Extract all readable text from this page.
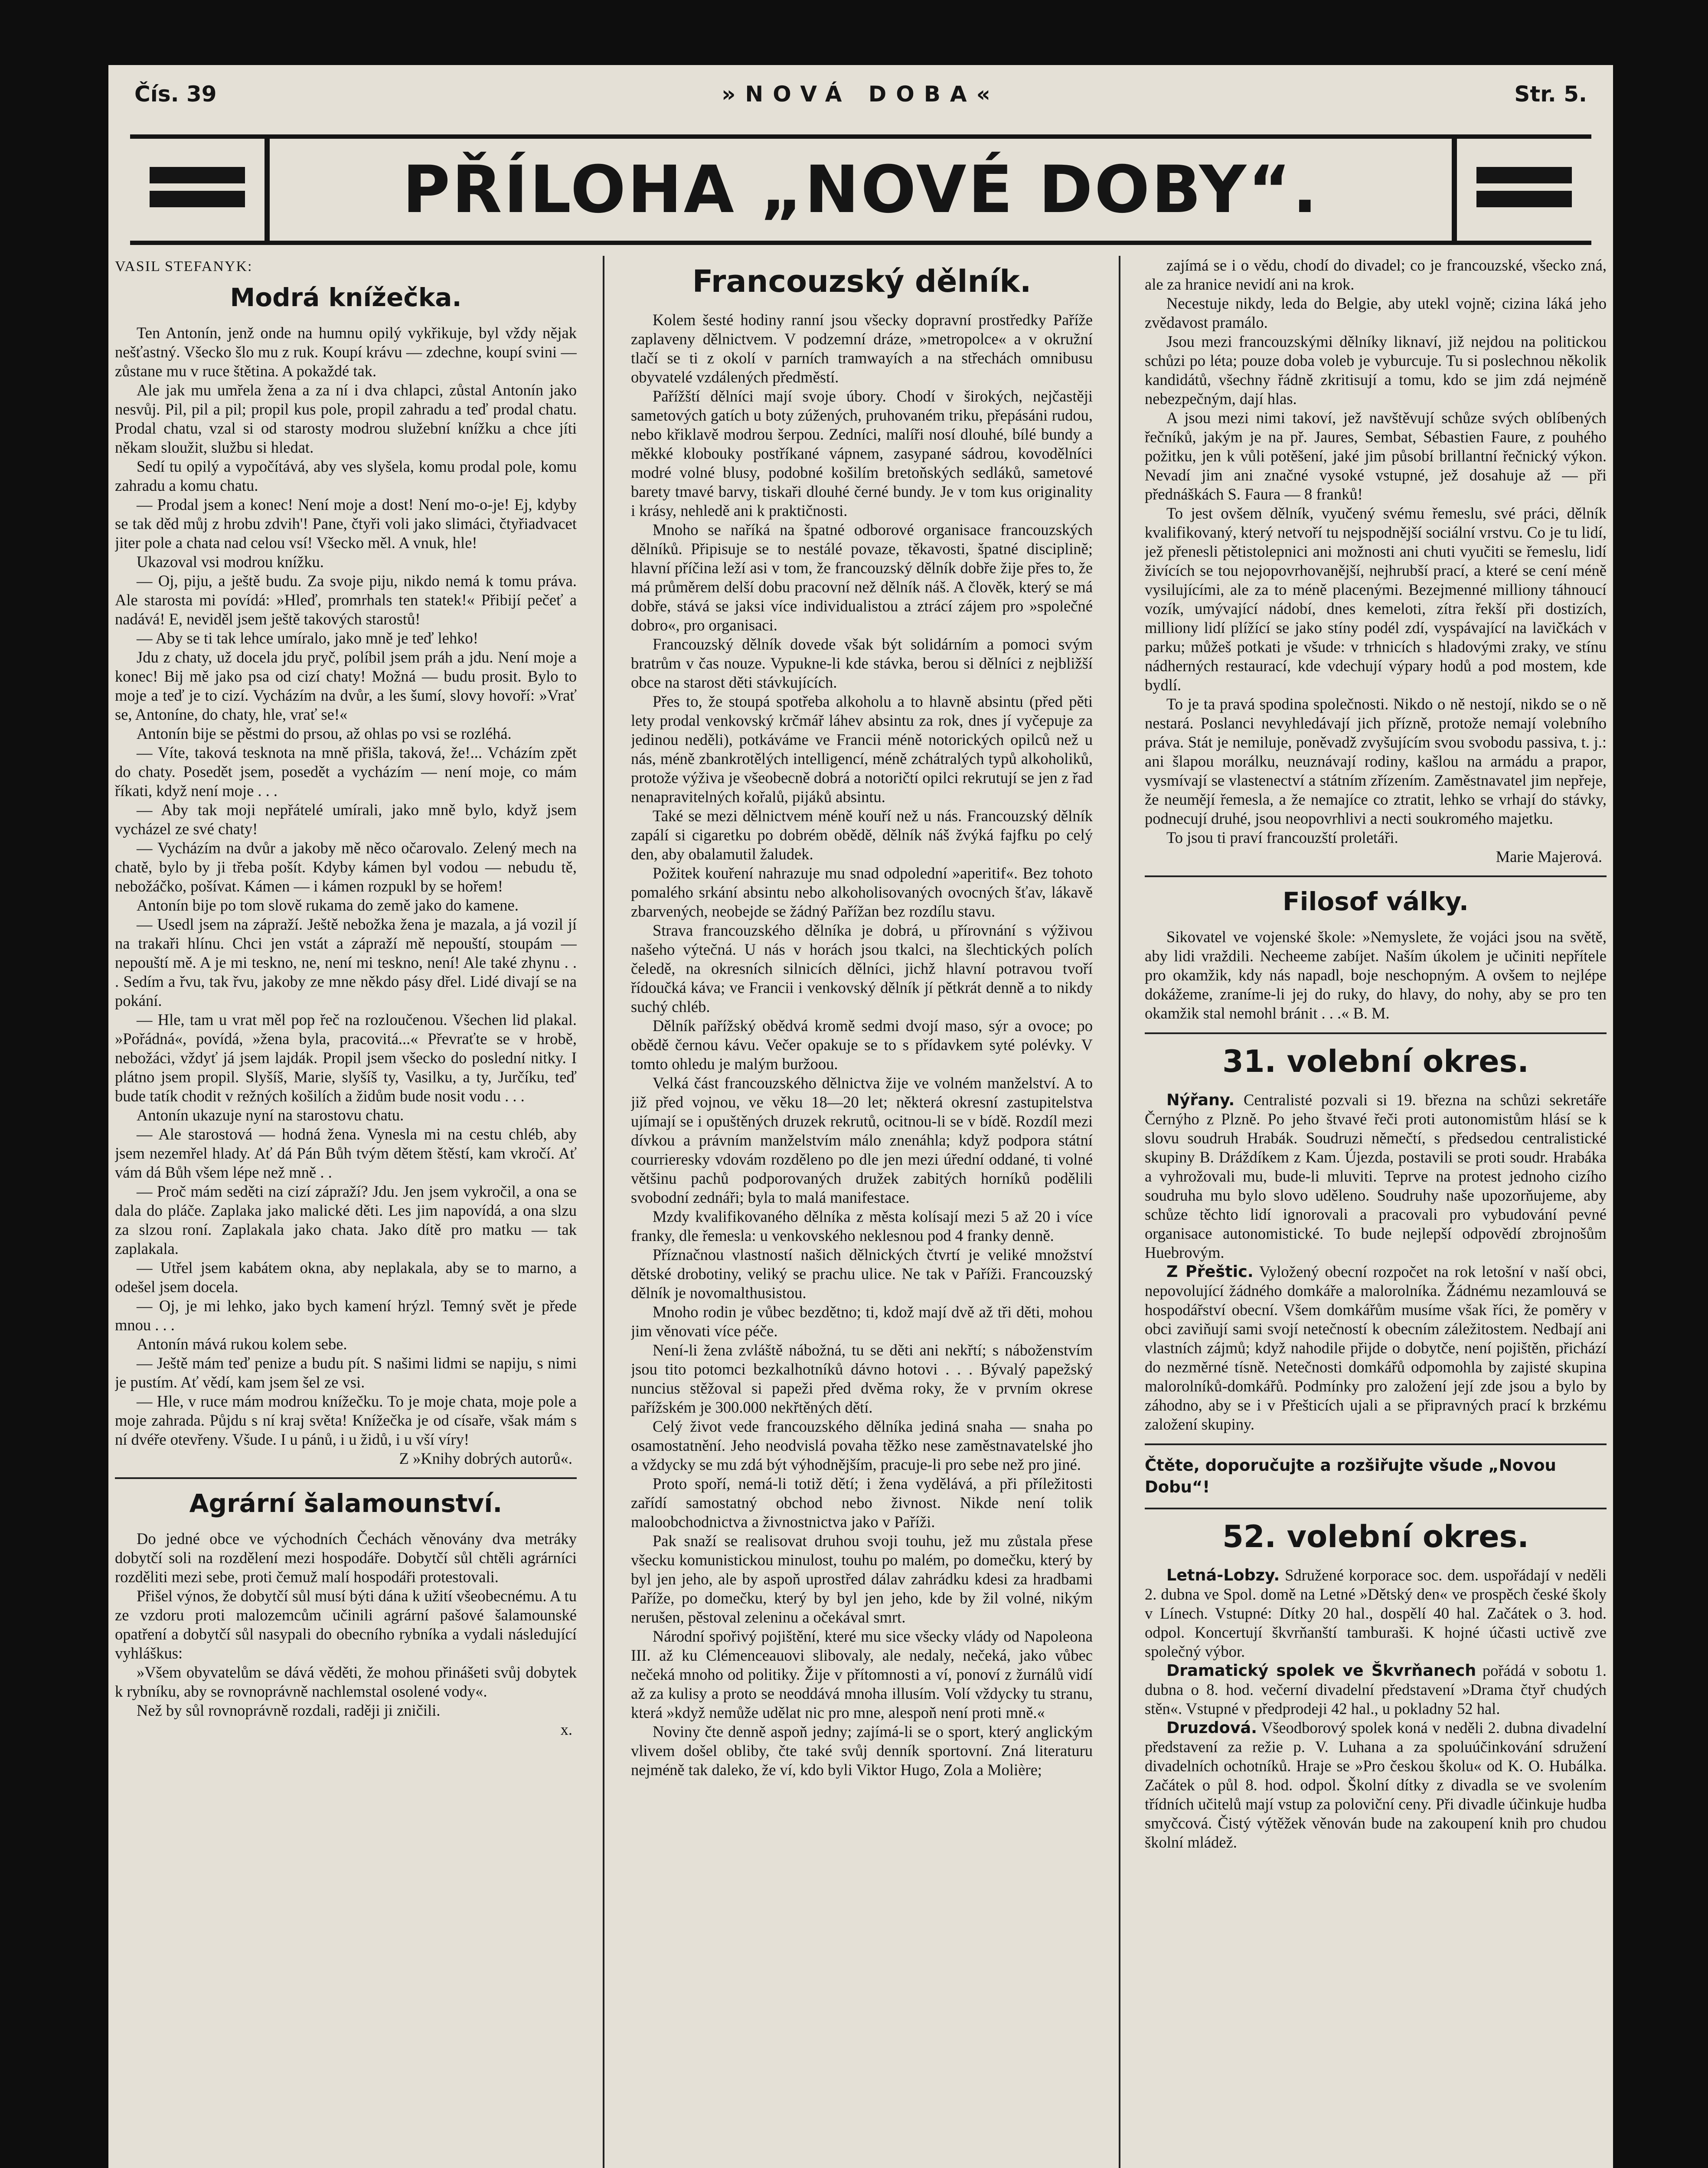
Čís. 39	»NOVÁ DOBA«	Str. 5.
PŘÍLOHA „NOVÉ DOBY“.
VASIL STEFANYK:
Modrá knížečka.

Ten Antonín, jenž onde na humnu opilý vykřikuje, byl vždy nějak nešťastný. Všecko šlo mu z ruk. Koupí krávu — zdechne, koupí svini — zůstane mu v ruce štětina. A pokaždé tak.

Ale jak mu umřela žena a za ní i dva chlapci, zůstal Antonín jako nesvůj. Pil, pil a pil; propil kus pole, propil zahradu a teď prodal chatu. Prodal chatu, vzal si od starosty modrou služební knížku a chce jíti někam sloužit, službu si hledat.

Sedí tu opilý a vypočítává, aby ves slyšela, komu prodal pole, komu zahradu a komu chatu.

— Prodal jsem a konec! Není moje a dost! Není mo-o-je! Ej, kdyby se tak děd můj z hrobu zdvih'! Pane, čtyři voli jako slimáci, čtyřiadvacet jiter pole a chata nad celou vsí! Všecko měl. A vnuk, hle!

Ukazoval vsi modrou knížku.

— Oj, piju, a ještě budu. Za svoje piju, nikdo nemá k tomu práva. Ale starosta mi povídá: »Hleď, promrhals ten statek!« Přibijí pečeť a nadává! E, neviděl jsem ještě takových starostů!

— Aby se ti tak lehce umíralo, jako mně je teď lehko!

Jdu z chaty, už docela jdu pryč, políbil jsem práh a jdu. Není moje a konec! Bij mě jako psa od cizí chaty! Možná — budu prosit. Bylo to moje a teď je to cizí. Vycházím na dvůr, a les šumí, slovy hovoří: »Vrať se, Antoníne, do chaty, hle, vrať se!«

Antonín bije se pěstmi do prsou, až ohlas po vsi se rozléhá.

— Víte, taková tesknota na mně přišla, taková, že!... Vcházím zpět do chaty. Posedět jsem, posedět a vycházím — není moje, co mám říkati, když není moje . . .

— Aby tak moji nepřátelé umírali, jako mně bylo, když jsem vycházel ze své chaty!

— Vycházím na dvůr a jakoby mě něco očarovalo. Zelený mech na chatě, bylo by ji třeba pošít. Kdyby kámen byl vodou — nebudu tě, nebožáčko, pošívat. Kámen — i kámen rozpukl by se hořem!

Antonín bije po tom slově rukama do země jako do kamene.

— Usedl jsem na zápraží. Ještě nebožka žena je mazala, a já vozil jí na trakaři hlínu. Chci jen vstát a zápraží mě nepouští, stoupám — nepouští mě. A je mi teskno, ne, není mi teskno, není! Ale také zhynu . . . Sedím a řvu, tak řvu, jakoby ze mne někdo pásy dřel. Lidé divají se na pokání.

— Hle, tam u vrat měl pop řeč na rozloučenou. Všechen lid plakal. »Pořádná«, povídá, »žena byla, pracovitá...« Převraťte se v hrobě, nebožáci, vždyť já jsem lajdák. Propil jsem všecko do poslední nitky. I plátno jsem propil. Slyšíš, Marie, slyšíš ty, Vasilku, a ty, Jurčíku, teď bude tatík chodit v režných košilích a židům bude nosit vodu . . .

Antonín ukazuje nyní na starostovu chatu.

— Ale starostová — hodná žena. Vynesla mi na cestu chléb, aby jsem nezemřel hlady. Ať dá Pán Bůh tvým dětem štěstí, kam vkročí. Ať vám dá Bůh všem lépe než mně . .

— Proč mám seděti na cizí zápraží? Jdu. Jen jsem vykročil, a ona se dala do pláče. Zaplaka jako malické děti. Les jim napovídá, a ona slzu za slzou roní. Zaplakala jako chata. Jako dítě pro matku — tak zaplakala.

— Utřel jsem kabátem okna, aby neplakala, aby se to marno, a odešel jsem docela.

— Oj, je mi lehko, jako bych kamení hrýzl. Temný svět je přede mnou . . .

Antonín mává rukou kolem sebe.

— Ještě mám teď penize a budu pít. S našimi lidmi se napiju, s nimi je pustím. Ať vědí, kam jsem šel ze vsi.

— Hle, v ruce mám modrou knížečku. To je moje chata, moje pole a moje zahrada. Půjdu s ní kraj světa! Knížečka je od císaře, však mám s ní dvéře otevřeny. Všude. I u pánů, i u židů, i u vší víry!

Z »Knihy dobrých autorů«.
Agrární šalamounství.

Do jedné obce ve východních Čechách věnovány dva metráky dobytčí soli na rozdělení mezi hospodáře. Dobytčí sůl chtěli agrárníci rozděliti mezi sebe, proti čemuž malí hospodáři protestovali.

Přišel výnos, že dobytčí sůl musí býti dána k užití všeobecnému. A tu ze vzdoru proti malozemcům učinili agrární pašové šalamounské opatření a dobytčí sůl nasypali do obecního rybníka a vydali následující vyhláškus:

»Všem obyvatelům se dává věděti, že mohou přinášeti svůj dobytek k rybníku, aby se rovnoprávně nachlemstal osolené vody«.

Než by sůl rovnoprávně rozdali, raději ji zničili.

x.
Francouzský dělník.

Kolem šesté hodiny ranní jsou všecky dopravní prostředky Paříže zaplaveny dělnictvem. V podzemní dráze, »metropolce« a v okružní tlačí se ti z okolí v parních tramwayích a na střechách omnibusu obyvatelé vzdálených předměstí.

Pařížští dělníci mají svoje úbory. Chodí v širokých, nejčastěji sametových gatích u boty zúžených, pruhovaném triku, přepásáni rudou, nebo křiklavě modrou šerpou. Zedníci, malíři nosí dlouhé, bílé bundy a měkké klobouky postříkané vápnem, zasypané sádrou, kovodělníci modré volné blusy, podobné košilím bretoňských sedláků, sametové barety tmavé barvy, tiskaři dlouhé černé bundy. Je v tom kus originality i krásy, nehledě ani k praktičnosti.

Mnoho se naříká na špatné odborové organisace francouzských dělníků. Připisuje se to nestálé povaze, těkavosti, špatné disciplině; hlavní příčina leží asi v tom, že francouzský dělník dobře žije přes to, že má průměrem delší dobu pracovní než dělník náš. A člověk, který se má dobře, stává se jaksi více individualistou a ztrácí zájem pro »společné dobro«, pro organisaci.

Francouzský dělník dovede však být solidárním a pomoci svým bratrům v čas nouze. Vypukne-li kde stávka, berou si dělníci z nejbližší obce na starost děti stávkujících.

Přes to, že stoupá spotřeba alkoholu a to hlavně absintu (před pěti lety prodal venkovský krčmář láhev absintu za rok, dnes jí vyčepuje za jedinou neděli), potkáváme ve Francii méně notorických opilců než u nás, méně zbankrotělých intelligencí, méně zchátralých typů alkoholiků, protože výživa je všeobecně dobrá a notoričtí opilci rekrutují se jen z řad nenapravitelných kořalů, pijáků absintu.

Také se mezi dělnictvem méně kouří než u nás. Francouzský dělník zapálí si cigaretku po dobrém obědě, dělník náš žvýká fajfku po celý den, aby obalamutil žaludek.

Požitek kouření nahrazuje mu snad odpolední »aperitif«. Bez tohoto pomalého srkání absintu nebo alkoholisovaných ovocných šťav, lákavě zbarvených, neobejde se žádný Pařížan bez rozdílu stavu.

Strava francouzského dělníka je dobrá, u přírovnání s výživou našeho výtečná. U nás v horách jsou tkalci, na šlechtických polích čeledě, na okresních silnicích dělníci, jichž hlavní potravou tvoří řídoučká káva; ve Francii i venkovský dělník jí pětkrát denně a to nikdy suchý chléb.

Dělník pařížský obědvá kromě sedmi dvojí maso, sýr a ovoce; po obědě černou kávu. Večer opakuje se to s přídavkem syté polévky. V tomto ohledu je malým buržoou.

Velká část francouzského dělnictva žije ve volném manželství. A to již před vojnou, ve věku 18—20 let; některá okresní zastupitelstva ujímají se i opuštěných druzek rekrutů, ocitnou-li se v bídě. Rozdíl mezi dívkou a právním manželstvím málo znenáhla; když podpora státní courrieresky vdovám rozděleno po dle jen mezi úřední oddané, ti volné většinu pachů podporovaných družek zabitých horníků podělili svobodní zednáři; byla to malá manifestace.

Mzdy kvalifikovaného dělníka z města kolísají mezi 5 až 20 i více franky, dle řemesla: u venkovského neklesnou pod 4 franky denně.

Příznačnou vlastností našich dělnických čtvrtí je veliké množství dětské drobotiny, veliký se prachu ulice. Ne tak v Paříži. Francouzský dělník je novomalthusistou.

Mnoho rodin je vůbec bezdětno; ti, kdož mají dvě až tři děti, mohou jim věnovati více péče.

Není-li žena zvláště nábožná, tu se děti ani nekřtí; s náboženstvím jsou tito potomci bezkalhotníků dávno hotovi . . . Bývalý papežský nuncius stěžoval si papeži před dvěma roky, že v prvním okrese pařížském je 300.000 nekřtěných dětí.

Celý život vede francouzského dělníka jediná snaha — snaha po osamostatnění. Jeho neodvislá povaha těžko nese zaměstnavatelské jho a vždycky se mu zdá být výhodnějším, pracuje-li pro sebe než pro jiné.

Proto spoří, nemá-li totiž dětí; i žena vydělává, a při příležitosti zařídí samostatný obchod nebo živnost. Nikde není tolik maloobchodnictva a živnostnictva jako v Paříži.

Pak snaží se realisovat druhou svoji touhu, jež mu zůstala přese všecku komunistickou minulost, touhu po malém, po domečku, který by byl jen jeho, ale by aspoň uprostřed dálav zahrádku kdesi za hradbami Paříže, po domečku, který by byl jen jeho, kde by žil volné, nikým nerušen, pěstoval zeleninu a očekával smrt.

Národní spořivý pojištění, které mu sice všecky vlády od Napoleona III. až ku Clémenceauovi slibovaly, ale nedaly, nečeká, jako vůbec nečeká mnoho od politiky. Žije v přítomnosti a ví, ponoví z žurnálů vidí až za kulisy a proto se neoddává mnoha illusím. Volí vždycky tu stranu, která »když nemůže udělat nic pro mne, alespoň není proti mně.«

Noviny čte denně aspoň jedny; zajímá-li se o sport, který anglickým vlivem došel obliby, čte také svůj denník sportovní. Zná literaturu nejméně tak daleko, že ví, kdo byli Viktor Hugo, Zola a Molière;

zajímá se i o vědu, chodí do divadel; co je francouzské, všecko zná, ale za hranice nevidí ani na krok.

Necestuje nikdy, leda do Belgie, aby utekl vojně; cizina láká jeho zvědavost pramálo.

Jsou mezi francouzskými dělníky liknaví, již nejdou na politickou schůzi po léta; pouze doba voleb je vyburcuje. Tu si poslechnou několik kandidátů, všechny řádně zkritisují a tomu, kdo se jim zdá nejméně nebezpečným, dají hlas.

A jsou mezi nimi takoví, jež navštěvují schůze svých oblíbených řečníků, jakým je na př. Jaures, Sembat, Sébastien Faure, z pouhého požitku, jen k vůli potěšení, jaké jim působí brillantní řečnický výkon. Nevadí jim ani značné vysoké vstupné, jež dosahuje až — při přednáškách S. Faura — 8 franků!

To jest ovšem dělník, vyučený svému řemeslu, své práci, dělník kvalifikovaný, který netvoří tu nejspodnější sociální vrstvu. Co je tu lidí, jež přenesli pětistolepnici ani možnosti ani chuti vyučiti se řemeslu, lidí živících se tou nejopovrhovanější, nejhrubší prací, a které se cení méně vysilujícími, ale za to méně placenými. Bezejmenné milliony táhnoucí vozík, umývající nádobí, dnes kemeloti, zítra řekší při dostizích, milliony lidí plížící se jako stíny podél zdí, vyspávající na lavičkách v parku; můžeš potkati je všude: v trhnicích s hladovými zraky, ve stínu nádherných restaurací, kde vdechují výpary hodů a pod mostem, kde bydlí.

To je ta pravá spodina společnosti. Nikdo o ně nestojí, nikdo se o ně nestará. Poslanci nevyhledávají jich přízně, protože nemají volebního práva. Stát je nemiluje, poněvadž zvyšujícím svou svobodu passiva, t. j.: ani šlapou morálku, neuznávají rodiny, kašlou na armádu a prapor, vysmívají se vlastenectví a státním zřízením. Zaměstnavatel jim nepřeje, že neumějí řemesla, a že nemajíce co ztratit, lehko se vrhají do stávky, podnecují druhé, jsou neopovrhlivi a necti soukromého majetku.

To jsou ti praví francouzští proletáři.

Marie Majerová.
Filosof války.

Sikovatel ve vojenské škole: »Nemyslete, že vojáci jsou na světě, aby lidi vraždili. Necheeme zabíjet. Naším úkolem je učiniti nepřítele pro okamžik, kdy nás napadl, boje neschopným. A ovšem to nejlépe dokážeme, zraníme-li jej do ruky, do hlavy, do nohy, aby se pro ten okamžik stal nemohl bránit . . .« B. M.

31. volební okres.

Nýřany. Centralisté pozvali si 19. března na schůzi sekretáře Černýho z Plzně. Po jeho štvavé řeči proti autonomistům hlásí se k slovu soudruh Hrabák. Soudruzi němečtí, s předsedou centralistické skupiny B. Dráždíkem z Kam. Újezda, postavili se proti soudr. Hrabáka a vyhrožovali mu, bude-li mluviti. Teprve na protest jednoho cizího soudruha mu bylo slovo uděleno. Soudruhy naše upozorňujeme, aby schůze těchto lidí ignorovali a pracovali pro vybudování pevné organisace autonomistické. To bude nejlepší odpovědí zbrojnošům Huebrovým.

Z Přeštic. Vyložený obecní rozpočet na rok letošní v naší obci, nepovolující žádného domkáře a malorolníka. Žádnému nezamlouvá se hospodářství obecní. Všem domkářům musíme však říci, že poměry v obci zaviňují sami svojí netečností k obecním záležitostem. Nedbají ani vlastních zájmů; když nahodile přijde o dobytče, není pojištěn, přichází do nezměrné tísně. Netečnosti domkářů odpomohla by zajisté skupina malorolníků-domkářů. Podmínky pro založení její zde jsou a bylo by záhodno, aby se i v Přešticích ujali a se připravných prací k brzkému založení skupiny.

Čtěte, doporučujte a rozšiřujte všude „Novou Dobu“!
52. volební okres.

Letná-Lobzy. Sdružené korporace soc. dem. uspořádají v neděli 2. dubna ve Spol. domě na Letné »Dětský den« ve prospěch české školy v Línech. Vstupné: Dítky 20 hal., dospělí 40 hal. Začátek o 3. hod. odpol. Koncertují škvrňanští tamburaši. K hojné účasti uctivě zve společný výbor.

Dramatický spolek ve Škvrňanech pořádá v sobotu 1. dubna o 8. hod. večerní divadelní představení »Drama čtyř chudých stěn«. Vstupné v předprodeji 42 hal., u pokladny 52 hal.

Druzdová. Všeodborový spolek koná v neděli 2. dubna divadelní představení za režie p. V. Luhana a za spoluúčinkování sdružení divadelních ochotníků. Hraje se »Pro českou školu« od K. O. Hubálka. Začátek o půl 8. hod. odpol. Školní dítky z divadla se ve svolením třídních učitelů mají vstup za poloviční ceny. Při divadle účinkuje hudba smyčcová. Čistý výtěžek věnován bude na zakoupení knih pro chudou školní mládež.
